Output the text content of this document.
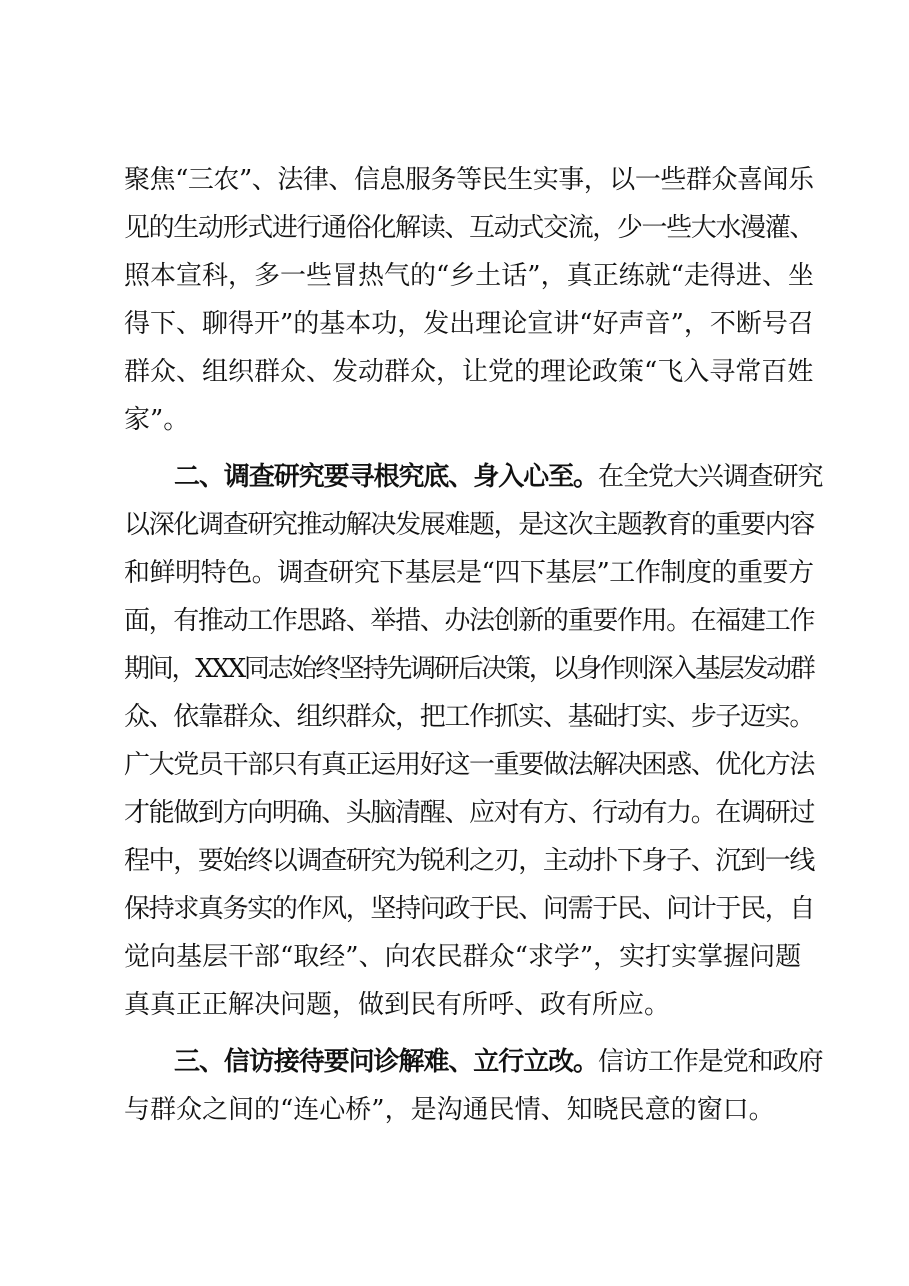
聚焦“三农”、法律、信息服务等民生实事，以一些群众喜闻乐
见的生动形式进行通俗化解读、互动式交流，少一些大水漫灌、
照本宣科，多一些冒热气的“乡土话”，真正练就“走得进、坐
得下、聊得开”的基本功，发出理论宣讲“好声音”，不断号召
群众、组织群众、发动群众，让党的理论政策“飞入寻常百姓
家”。
二、调查研究要寻根究底、身入心至。在全党大兴调查研究
以深化调查研究推动解决发展难题，是这次主题教育的重要内容
和鲜明特色。调查研究下基层是“四下基层”工作制度的重要方
面，有推动工作思路、举措、办法创新的重要作用。在福建工作
期间，XXX同志始终坚持先调研后决策，以身作则深入基层发动群
众、依靠群众、组织群众，把工作抓实、基础打实、步子迈实。
广大党员干部只有真正运用好这一重要做法解决困惑、优化方法
才能做到方向明确、头脑清醒、应对有方、行动有力。在调研过
程中，要始终以调查研究为锐利之刃，主动扑下身子、沉到一线
保持求真务实的作风，坚持问政于民、问需于民、问计于民，自
觉向基层干部“取经”、向农民群众“求学”，实打实掌握问题
真真正正解决问题，做到民有所呼、政有所应。
三、信访接待要问诊解难、立行立改。信访工作是党和政府
与群众之间的“连心桥”，是沟通民情、知晓民意的窗口。
